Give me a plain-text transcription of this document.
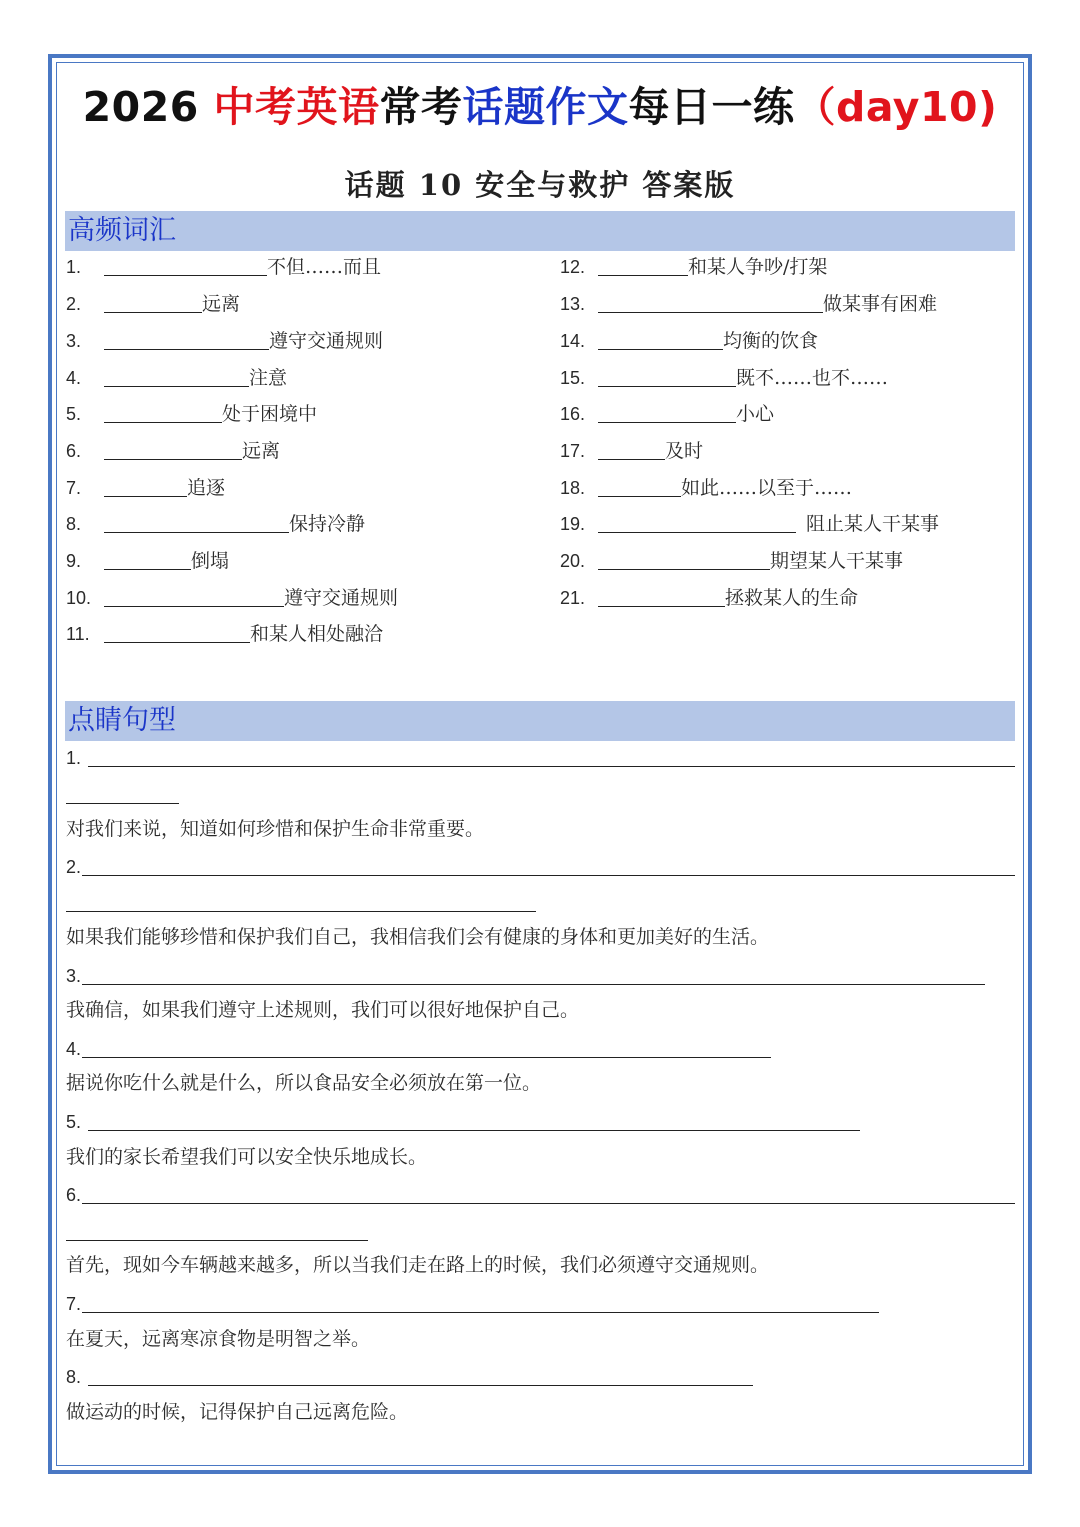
2026 中考英语常考话题作文每日一练（day10)
话题 10 安全与救护 答案版
高频词汇
1.	不但……而且
2.	远离
3.	遵守交通规则
4.	注意
5.	处于困境中
6.	远离
7.	追逐
8.	保持冷静
9.	倒塌
10.	遵守交通规则
11.	和某人相处融洽
12.	和某人争吵/打架
13.	做某事有困难
14.	均衡的饮食
15.	既不……也不……
16.	小心
17.	及时
18.	如此……以至于……
19.	阻止某人干某事
20.	期望某人干某事
21.	拯救某人的生命
点睛句型
1.
对我们来说，知道如何珍惜和保护生命非常重要。
2.
如果我们能够珍惜和保护我们自己，我相信我们会有健康的身体和更加美好的生活。
3.
我确信，如果我们遵守上述规则，我们可以很好地保护自己。
4.
据说你吃什么就是什么，所以食品安全必须放在第一位。
5.
我们的家长希望我们可以安全快乐地成长。
6.
首先，现如今车辆越来越多，所以当我们走在路上的时候，我们必须遵守交通规则。
7.
在夏天，远离寒凉食物是明智之举。
8.
做运动的时候，记得保护自己远离危险。
